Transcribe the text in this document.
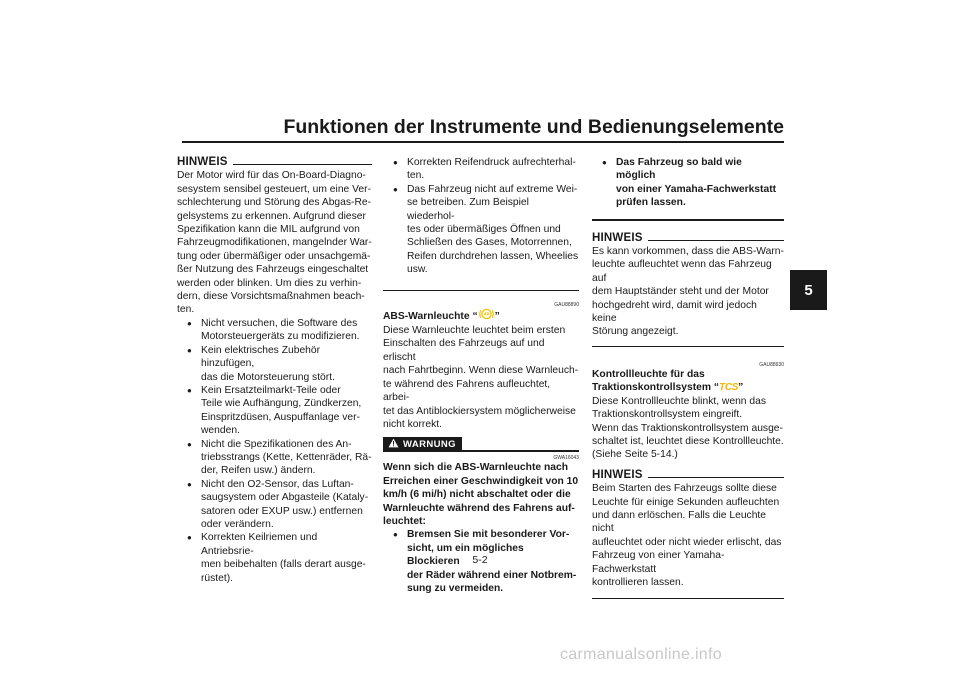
Funktionen der Instrumente und Bedienungselemente
5
HINWEIS

Der Motor wird für das On-Board-Diagno-

sesystem sensibel gesteuert, um eine Ver-

schlechterung und Störung des Abgas-Re-

gelsystems zu erkennen. Aufgrund dieser

Spezifikation kann die MIL aufgrund von

Fahrzeugmodifikationen, mangelnder War-

tung oder übermäßiger oder unsachgemä-

ßer Nutzung des Fahrzeugs eingeschaltet

werden oder blinken. Um dies zu verhin-

dern, diese Vorsichtsmaßnahmen beach-

ten.

● Nicht versuchen, die Software des

Motorsteuergeräts zu modifizieren.

● Kein elektrisches Zubehör hinzufügen,

das die Motorsteuerung stört.

● Kein Ersatzteilmarkt-Teile oder

Teile wie Aufhängung, Zündkerzen,

Einspritzdüsen, Auspuffanlage ver-

wenden.

● Nicht die Spezifikationen des An-

triebsstrangs (Kette, Kettenräder, Rä-

der, Reifen usw.) ändern.

● Nicht den O2-Sensor, das Luftan-

saugsystem oder Abgasteile (Kataly-

satoren oder EXUP usw.) entfernen

oder verändern.

● Korrekten Keilriemen und Antriebsrie-

men beibehalten (falls derart ausge-

rüstet).

● Korrekten Reifendruck aufrechterhal-

ten.

● Das Fahrzeug nicht auf extreme Wei-

se betreiben. Zum Beispiel wiederhol-

tes oder übermäßiges Öffnen und

Schließen des Gases, Motorrennen,

Reifen durchdrehen lassen, Wheelies

usw.

GAU88890

ABS-Warnleuchte “ ”

Diese Warnleuchte leuchtet beim ersten

Einschalten des Fahrzeugs auf und erlischt

nach Fahrtbeginn. Wenn diese Warnleuch-

te während des Fahrens aufleuchtet, arbei-

tet das Antiblockiersystem möglicherweise

nicht korrekt.

WARNUNG
GWA16043

Wenn sich die ABS-Warnleuchte nach

Erreichen einer Geschwindigkeit von 10

km/h (6 mi/h) nicht abschaltet oder die

Warnleuchte während des Fahrens auf-

leuchtet:

● Bremsen Sie mit besonderer Vor-

sicht, um ein mögliches Blockieren

der Räder während einer Notbrem-

sung zu vermeiden.

● Das Fahrzeug so bald wie möglich

von einer Yamaha-Fachwerkstatt

prüfen lassen.

HINWEIS

Es kann vorkommen, dass die ABS-Warn-

leuchte aufleuchtet wenn das Fahrzeug auf

dem Hauptständer steht und der Motor

hochgedreht wird, damit wird jedoch keine

Störung angezeigt.

GAU88930

Kontrollleuchte für das

Traktionskontrollsystem “TCS”

Diese Kontrollleuchte blinkt, wenn das

Traktionskontrollsystem eingreift.

Wenn das Traktionskontrollsystem ausge-

schaltet ist, leuchtet diese Kontrollleuchte.

(Siehe Seite 5-14.)

HINWEIS

Beim Starten des Fahrzeugs sollte diese

Leuchte für einige Sekunden aufleuchten

und dann erlöschen. Falls die Leuchte nicht

aufleuchtet oder nicht wieder erlischt, das

Fahrzeug von einer Yamaha-Fachwerkstatt

kontrollieren lassen.

5-2
carmanualsonline.info
